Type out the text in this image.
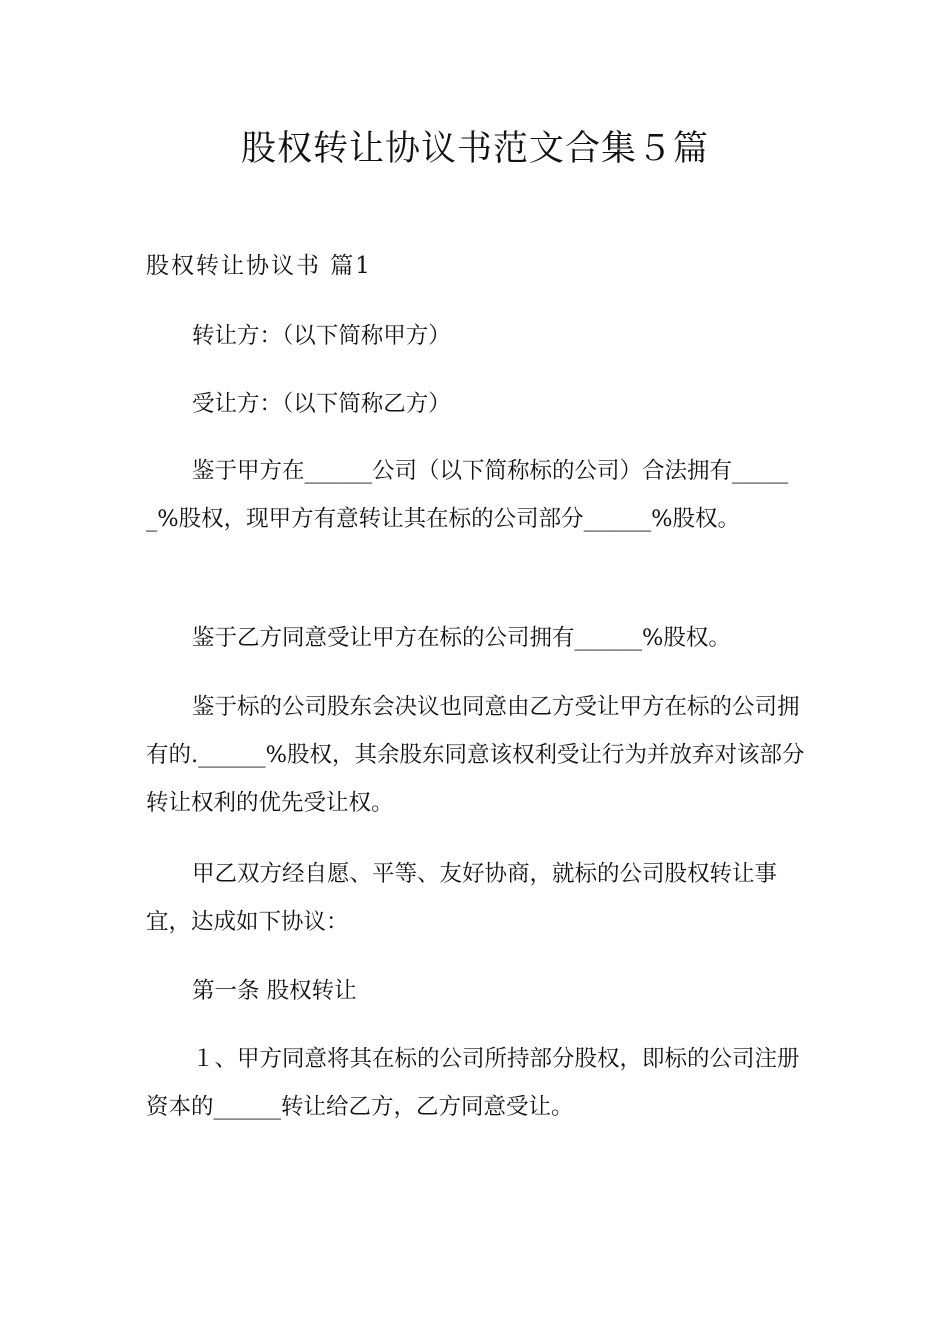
股权转让协议书范文合集５篇
股权转让协议书 篇1

转让方：（以下简称甲方）

受让方：（以下简称乙方）

鉴于甲方在______公司（以下简称标的公司）合法拥有______%股权，现甲方有意转让其在标的公司部分______%股权。

鉴于乙方同意受让甲方在标的公司拥有______%股权。

鉴于标的公司股东会决议也同意由乙方受让甲方在标的公司拥有的.______%股权，其余股东同意该权利受让行为并放弃对该部分转让权利的优先受让权。

甲乙双方经自愿、平等、友好协商，就标的公司股权转让事宜，达成如下协议：

第一条 股权转让

１、甲方同意将其在标的公司所持部分股权，即标的公司注册资本的______转让给乙方，乙方同意受让。
